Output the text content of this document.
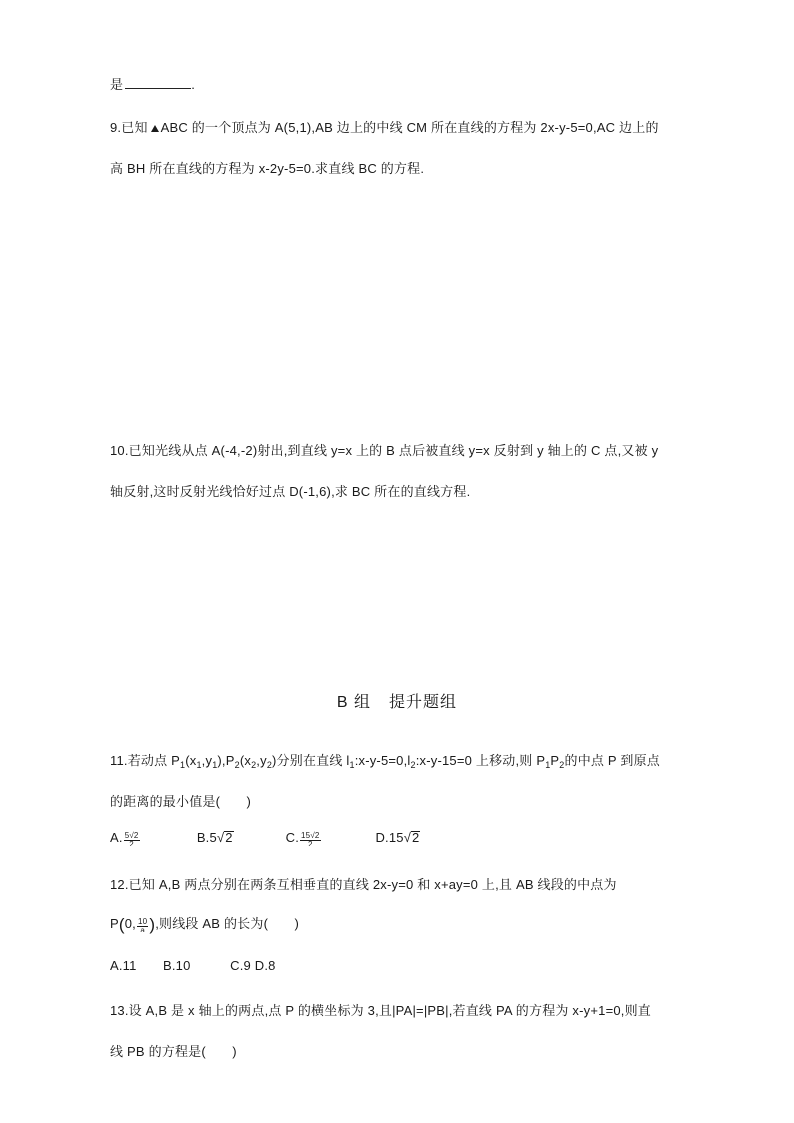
是	.
9.已知 ABC 的一个顶点为 A(5,1),AB 边上的中线 CM 所在直线的方程为 2x-y-5=0,AC 边上的
高 BH 所在直线的方程为 x-2y-5=0.求直线 BC 的方程.
10.已知光线从点 A(-4,-2)射出,到直线 y=x 上的 B 点后被直线 y=x 反射到 y 轴上的 C 点,又被 y
轴反射,这时反射光线恰好过点 D(-1,6),求 BC 所在的直线方程.
B 组 提升题组
11.若动点 $P_1(x_1,y_1),P_2(x_2,y_2)$分别在直线 $l_1:x-y-5=0,l_2:x-y-15=0$ 上移动,则 $P_1P_2$的中点 P 到原点
的距离的最小值是(　　)
A. $\frac{5√2}{2}$	B.5√2	C. $\frac{15√2}{2}$	D.15√2
12.已知 A,B 两点分别在两条互相垂直的直线 2x-y=0 和 x+ay=0 上,且 AB 线段的中点为
P(0, $\frac{10}{a}$ ),则线段 AB 的长为(　　)
A.11　　B.10　　　C.9 D.8
13.设 A,B 是 x 轴上的两点,点 P 的横坐标为 3,且|PA|=|PB|,若直线 PA 的方程为 x-y+1=0,则直
线 PB 的方程是(　　)
